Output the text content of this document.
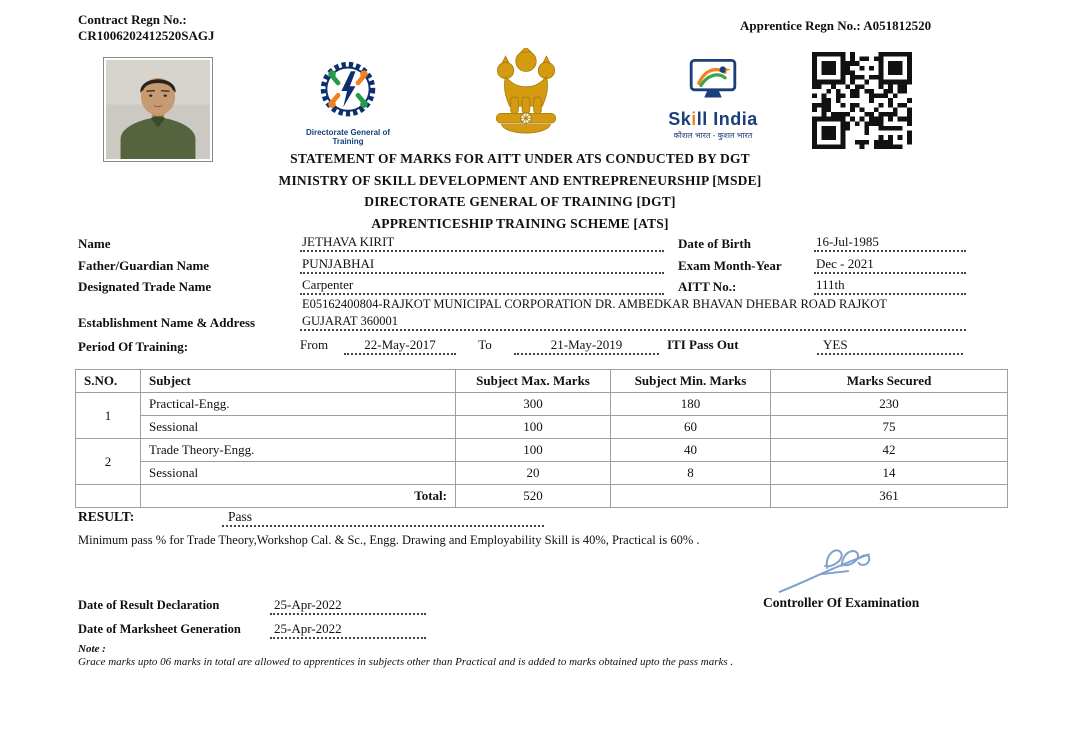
Contract Regn No.:
CR1006202412520SAGJ
Apprentice Regn No.: A051812520
Directorate General of Training
Skill India
कौशल भारत - कुशल भारत
STATEMENT OF MARKS FOR AITT UNDER ATS CONDUCTED BY DGT
MINISTRY OF SKILL DEVELOPMENT AND ENTREPRENEURSHIP [MSDE]
DIRECTORATE GENERAL OF TRAINING [DGT]
APPRENTICESHIP TRAINING SCHEME [ATS]
Name	JETHAVA KIRIT	Date of Birth	16-Jul-1985
Father/Guardian Name	PUNJABHAI	Exam Month-Year	Dec - 2021
Designated Trade Name	Carpenter	AITT No.:	111th
Establishment Name & Address
E05162400804-RAJKOT MUNICIPAL CORPORATION DR. AMBEDKAR BHAVAN DHEBAR ROAD RAJKOT
GUJARAT 360001
Period Of Training:	From	22-May-2017	To	21-May-2019	ITI Pass Out	YES
S.NO.	Subject	Subject Max. Marks	Subject Min. Marks	Marks Secured
1	Practical-Engg.	300	180	230
	Sessional	100	60	75
2	Trade Theory-Engg.	100	40	42
	Sessional	20	8	14
	Total:	520		361
RESULT:	Pass
Minimum pass % for Trade Theory,Workshop Cal. & Sc., Engg. Drawing and Employability Skill is 40%, Practical is 60% .
Controller Of Examination
Date of Result Declaration	25-Apr-2022
Date of Marksheet Generation	25-Apr-2022
Note :
Grace marks upto 06 marks in total are allowed to apprentices in subjects other than Practical and is added to marks obtained upto the pass marks .
